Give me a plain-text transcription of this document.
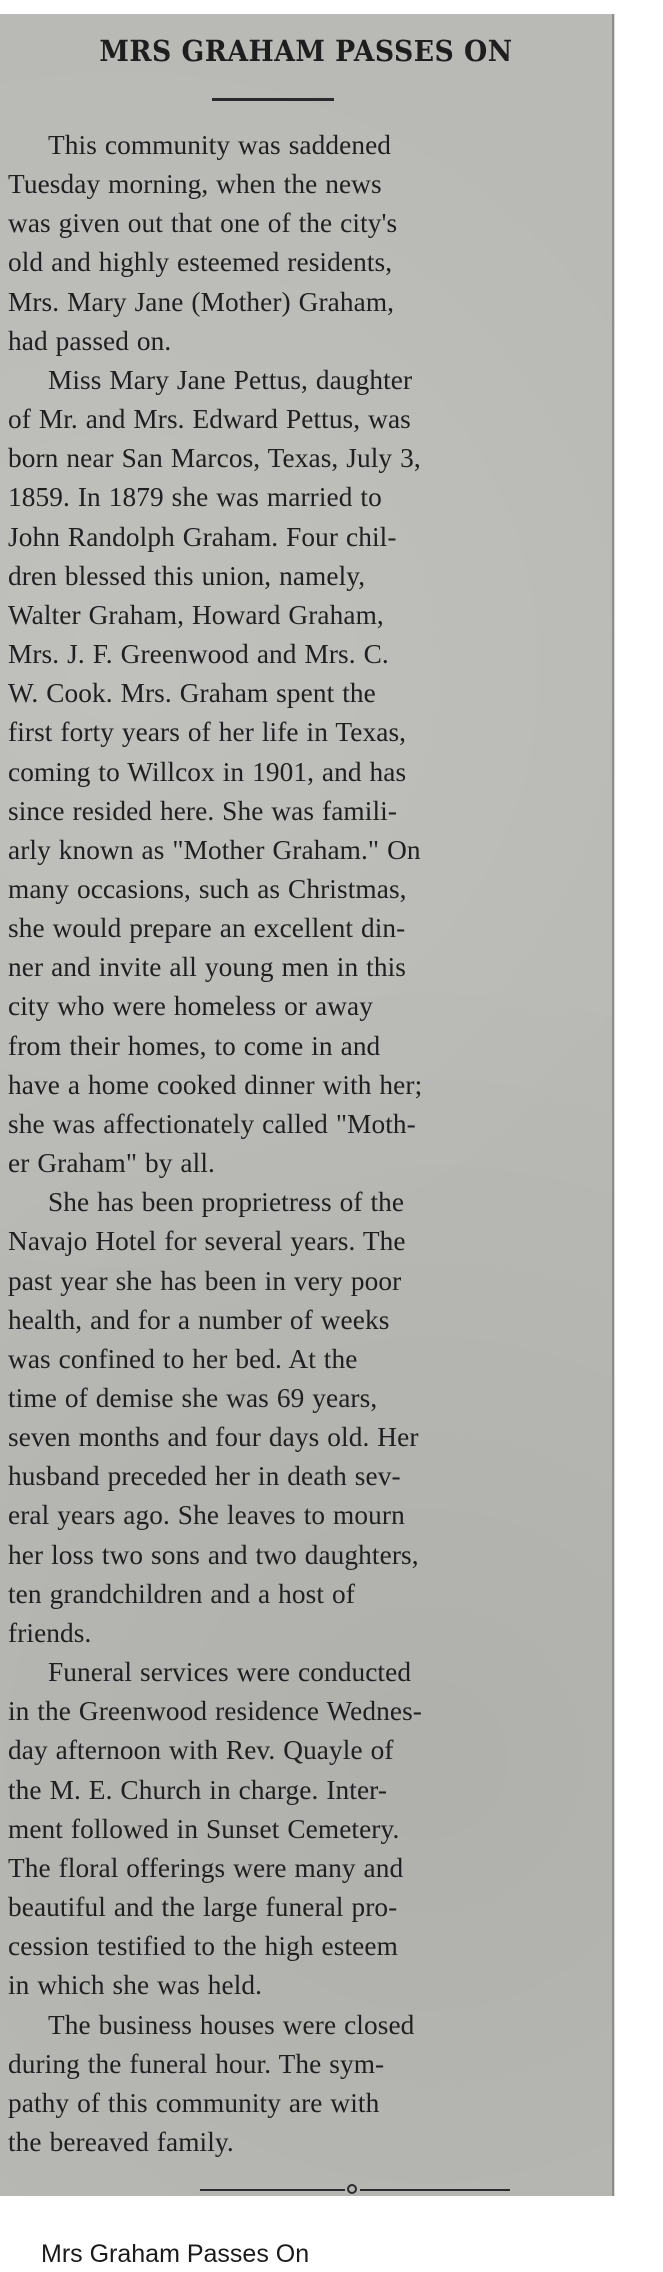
MRS GRAHAM PASSES ON

This community was saddened
Tuesday morning, when the news
was given out that one of the city's
old and highly esteemed residents,
Mrs. Mary Jane (Mother) Graham,
had passed on.

Miss Mary Jane Pettus, daughter
of Mr. and Mrs. Edward Pettus, was
born near San Marcos, Texas, July 3,
1859. In 1879 she was married to
John Randolph Graham. Four chil-
dren blessed this union, namely,
Walter Graham, Howard Graham,
Mrs. J. F. Greenwood and Mrs. C.
W. Cook. Mrs. Graham spent the
first forty years of her life in Texas,
coming to Willcox in 1901, and has
since resided here. She was famili-
arly known as "Mother Graham." On
many occasions, such as Christmas,
she would prepare an excellent din-
ner and invite all young men in this
city who were homeless or away
from their homes, to come in and
have a home cooked dinner with her;
she was affectionately called "Moth-
er Graham" by all.

She has been proprietress of the
Navajo Hotel for several years. The
past year she has been in very poor
health, and for a number of weeks
was confined to her bed. At the
time of demise she was 69 years,
seven months and four days old. Her
husband preceded her in death sev-
eral years ago. She leaves to mourn
her loss two sons and two daughters,
ten grandchildren and a host of
friends.

Funeral services were conducted
in the Greenwood residence Wednes-
day afternoon with Rev. Quayle of
the M. E. Church in charge. Inter-
ment followed in Sunset Cemetery.
The floral offerings were many and
beautiful and the large funeral pro-
cession testified to the high esteem
in which she was held.

The business houses were closed
during the funeral hour. The sym-
pathy of this community are with
the bereaved family.

Mrs Graham Passes On
